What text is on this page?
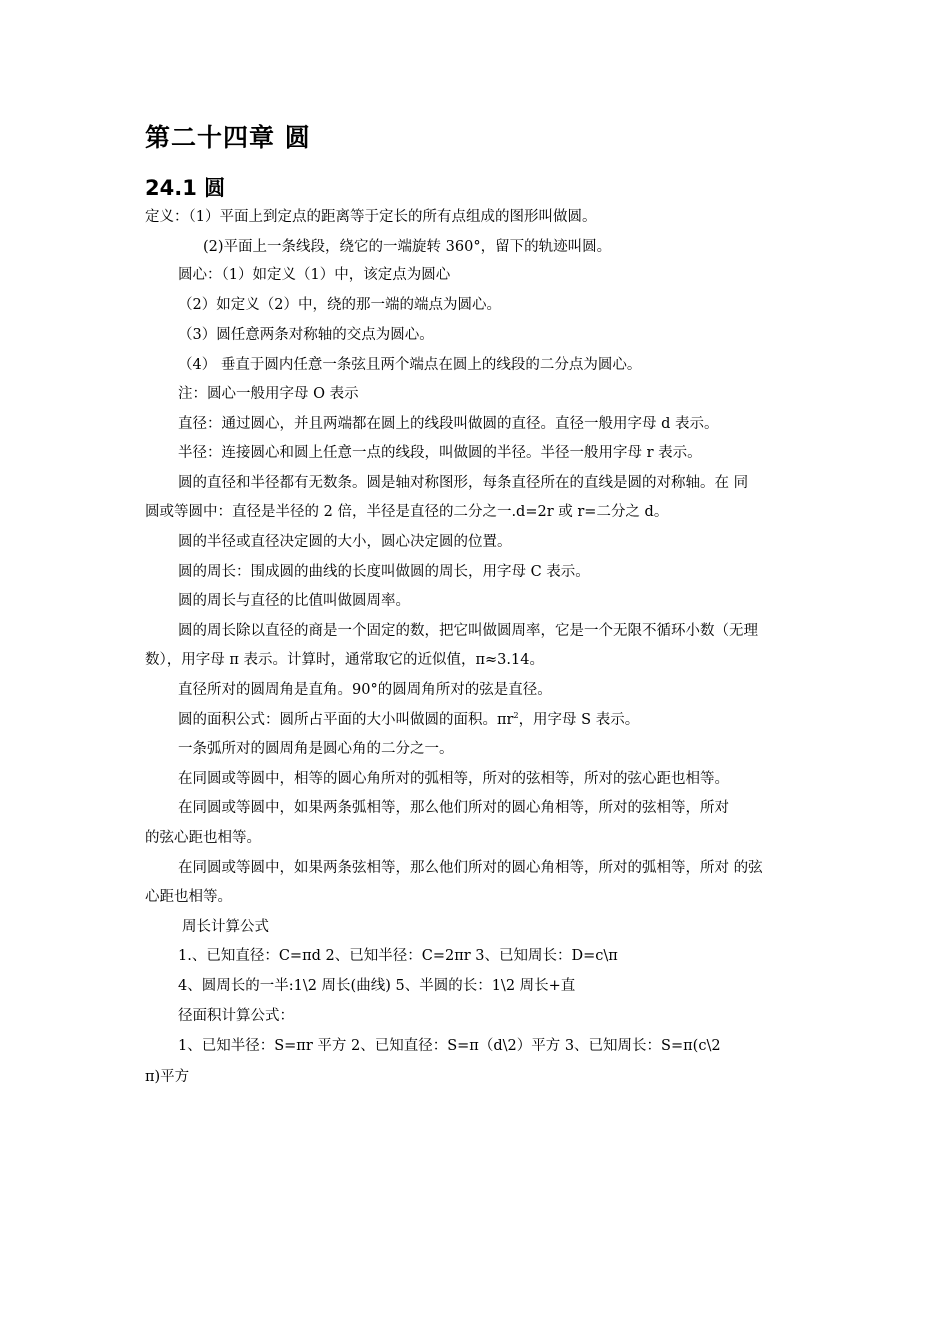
第二十四章 圆
24.1 圆

定义：（1）平面上到定点的距离等于定长的所有点组成的图形叫做圆。

(2)平面上一条线段，绕它的一端旋转 360°，留下的轨迹叫圆。

圆心：（1）如定义（1）中，该定点为圆心

（2）如定义（2）中，绕的那一端的端点为圆心。

（3）圆任意两条对称轴的交点为圆心。

（4） 垂直于圆内任意一条弦且两个端点在圆上的线段的二分点为圆心。

注：圆心一般用字母 O 表示

直径：通过圆心，并且两端都在圆上的线段叫做圆的直径。直径一般用字母 d 表示。

半径：连接圆心和圆上任意一点的线段，叫做圆的半径。半径一般用字母 r 表示。

圆的直径和半径都有无数条。圆是轴对称图形，每条直径所在的直线是圆的对称轴。在 同

圆或等圆中：直径是半径的 2 倍，半径是直径的二分之一.d=2r 或 r=二分之 d。

圆的半径或直径决定圆的大小，圆心决定圆的位置。

圆的周长：围成圆的曲线的长度叫做圆的周长，用字母 C 表示。

圆的周长与直径的比值叫做圆周率。

圆的周长除以直径的商是一个固定的数，把它叫做圆周率，它是一个无限不循环小数（无理

数），用字母 π 表示。计算时，通常取它的近似值，π≈3.14。

直径所对的圆周角是直角。90°的圆周角所对的弦是直径。

圆的面积公式：圆所占平面的大小叫做圆的面积。$\pi r^2$，用字母 S 表示。

一条弧所对的圆周角是圆心角的二分之一。

在同圆或等圆中，相等的圆心角所对的弧相等，所对的弦相等，所对的弦心距也相等。

在同圆或等圆中，如果两条弧相等，那么他们所对的圆心角相等，所对的弦相等，所对

的弦心距也相等。

在同圆或等圆中，如果两条弦相等，那么他们所对的圆心角相等，所对的弧相等，所对 的弦

心距也相等。

周长计算公式

1.、已知直径：C=πd 2、已知半径：C=2πr 3、已知周长：D=c\π

4、圆周长的一半:1\2 周长(曲线) 5、半圆的长：1\2 周长+直

径面积计算公式：

1、已知半径：S=πr 平方 2、已知直径：S=π（d\2）平方 3、已知周长：S=π(c\2

π)平方
